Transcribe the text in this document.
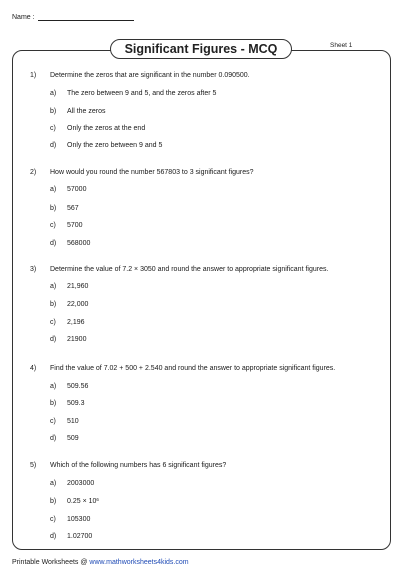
Name :
Significant Figures - MCQ	Sheet 1
1) Determine the zeros that are significant in the number 0.090500.
a) The zero between 9 and 5, and the zeros after 5
b) All the zeros
c) Only the zeros at the end
d) Only the zero between 9 and 5
2) How would you round the number 567803 to 3 significant figures?
a) 57000
b) 567
c) 5700
d) 568000
3) Determine the value of 7.2 × 3050 and round the answer to appropriate significant figures.
a) 21,960
b) 22,000
c) 2,196
d) 21900
4) Find the value of 7.02 + 500 + 2.540 and round the answer to appropriate significant figures.
a) 509.56
b) 509.3
c) 510
d) 509
5) Which of the following numbers has 6 significant figures?
a) 2003000
b) $0.25 \times 10^6$
c) 105300
d) 1.02700
Printable Worksheets @ www.mathworksheets4kids.com
